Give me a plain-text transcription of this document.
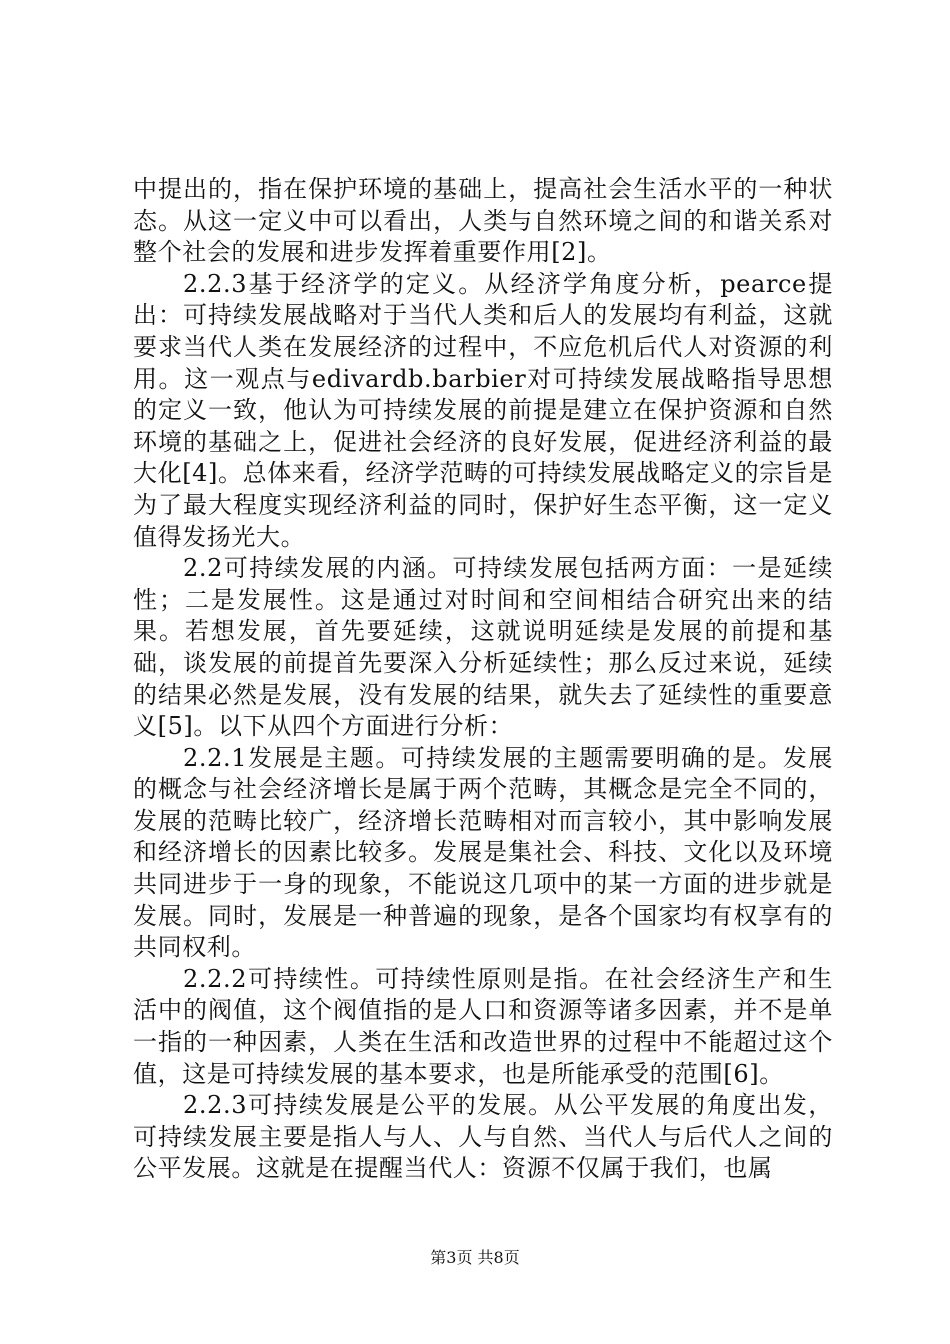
中提出的，指在保护环境的基础上，提高社会生活水平的一种状态。从这一定义中可以看出，人类与自然环境之间的和谐关系对整个社会的发展和进步发挥着重要作用[2]。

2.2.3基于经济学的定义。从经济学角度分析，pearce提出：可持续发展战略对于当代人类和后人的发展均有利益，这就要求当代人类在发展经济的过程中，不应危机后代人对资源的利用。这一观点与edivardb.barbier对可持续发展战略指导思想的定义一致，他认为可持续发展的前提是建立在保护资源和自然环境的基础之上，促进社会经济的良好发展，促进经济利益的最大化[4]。总体来看，经济学范畴的可持续发展战略定义的宗旨是为了最大程度实现经济利益的同时，保护好生态平衡，这一定义值得发扬光大。

2.2可持续发展的内涵。可持续发展包括两方面：一是延续性；二是发展性。这是通过对时间和空间相结合研究出来的结果。若想发展，首先要延续，这就说明延续是发展的前提和基础，谈发展的前提首先要深入分析延续性；那么反过来说，延续的结果必然是发展，没有发展的结果，就失去了延续性的重要意义[5]。以下从四个方面进行分析：

2.2.1发展是主题。可持续发展的主题需要明确的是。发展的概念与社会经济增长是属于两个范畴，其概念是完全不同的，发展的范畴比较广，经济增长范畴相对而言较小，其中影响发展和经济增长的因素比较多。发展是集社会、科技、文化以及环境共同进步于一身的现象，不能说这几项中的某一方面的进步就是发展。同时，发展是一种普遍的现象，是各个国家均有权享有的共同权利。

2.2.2可持续性。可持续性原则是指。在社会经济生产和生活中的阀值，这个阀值指的是人口和资源等诸多因素，并不是单一指的一种因素，人类在生活和改造世界的过程中不能超过这个值，这是可持续发展的基本要求，也是所能承受的范围[6]。

2.2.3可持续发展是公平的发展。从公平发展的角度出发，可持续发展主要是指人与人、人与自然、当代人与后代人之间的公平发展。这就是在提醒当代人：资源不仅属于我们，也属

第3页 共8页
